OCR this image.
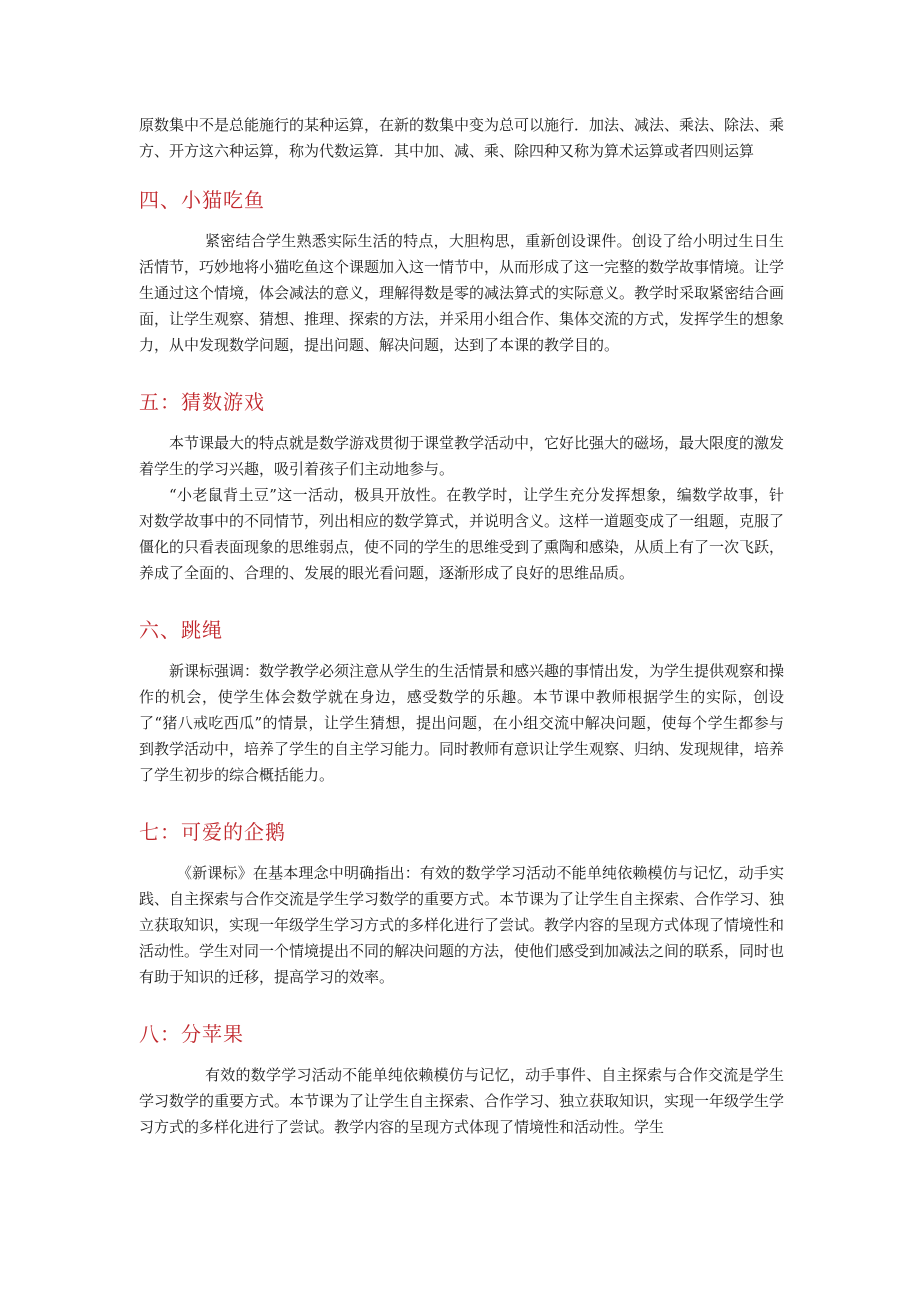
原数集中不是总能施行的某种运算，在新的数集中变为总可以施行．加法、减法、乘法、除法、乘方、开方这六种运算，称为代数运算．其中加、减、乘、除四种又称为算术运算或者四则运算

四、小猫吃鱼

紧密结合学生熟悉实际生活的特点，大胆构思，重新创设课件。创设了给小明过生日生活情节，巧妙地将小猫吃鱼这个课题加入这一情节中，从而形成了这一完整的数学故事情境。让学生通过这个情境，体会减法的意义，理解得数是零的减法算式的实际意义。教学时采取紧密结合画面，让学生观察、猜想、推理、探索的方法，并采用小组合作、集体交流的方式，发挥学生的想象力，从中发现数学问题，提出问题、解决问题，达到了本课的教学目的。

五：猜数游戏

本节课最大的特点就是数学游戏贯彻于课堂教学活动中，它好比强大的磁场，最大限度的激发着学生的学习兴趣，吸引着孩子们主动地参与。

“小老鼠背土豆”这一活动，极具开放性。在教学时，让学生充分发挥想象，编数学故事，针对数学故事中的不同情节，列出相应的数学算式，并说明含义。这样一道题变成了一组题，克服了僵化的只看表面现象的思维弱点，使不同的学生的思维受到了熏陶和感染，从质上有了一次飞跃，养成了全面的、合理的、发展的眼光看问题，逐渐形成了良好的思维品质。

六、跳绳

新课标强调：数学教学必须注意从学生的生活情景和感兴趣的事情出发，为学生提供观察和操作的机会，使学生体会数学就在身边，感受数学的乐趣。本节课中教师根据学生的实际，创设了“猪八戒吃西瓜”的情景，让学生猜想，提出问题，在小组交流中解决问题，使每个学生都参与到教学活动中，培养了学生的自主学习能力。同时教师有意识让学生观察、归纳、发现规律，培养了学生初步的综合概括能力。

七：可爱的企鹅

《新课标》在基本理念中明确指出：有效的数学学习活动不能单纯依赖模仿与记忆，动手实践、自主探索与合作交流是学生学习数学的重要方式。本节课为了让学生自主探索、合作学习、独立获取知识，实现一年级学生学习方式的多样化进行了尝试。教学内容的呈现方式体现了情境性和活动性。学生对同一个情境提出不同的解决问题的方法，使他们感受到加减法之间的联系，同时也有助于知识的迁移，提高学习的效率。

八：分苹果

有效的数学学习活动不能单纯依赖模仿与记忆，动手事件、自主探索与合作交流是学生学习数学的重要方式。本节课为了让学生自主探索、合作学习、独立获取知识，实现一年级学生学习方式的多样化进行了尝试。教学内容的呈现方式体现了情境性和活动性。学生
